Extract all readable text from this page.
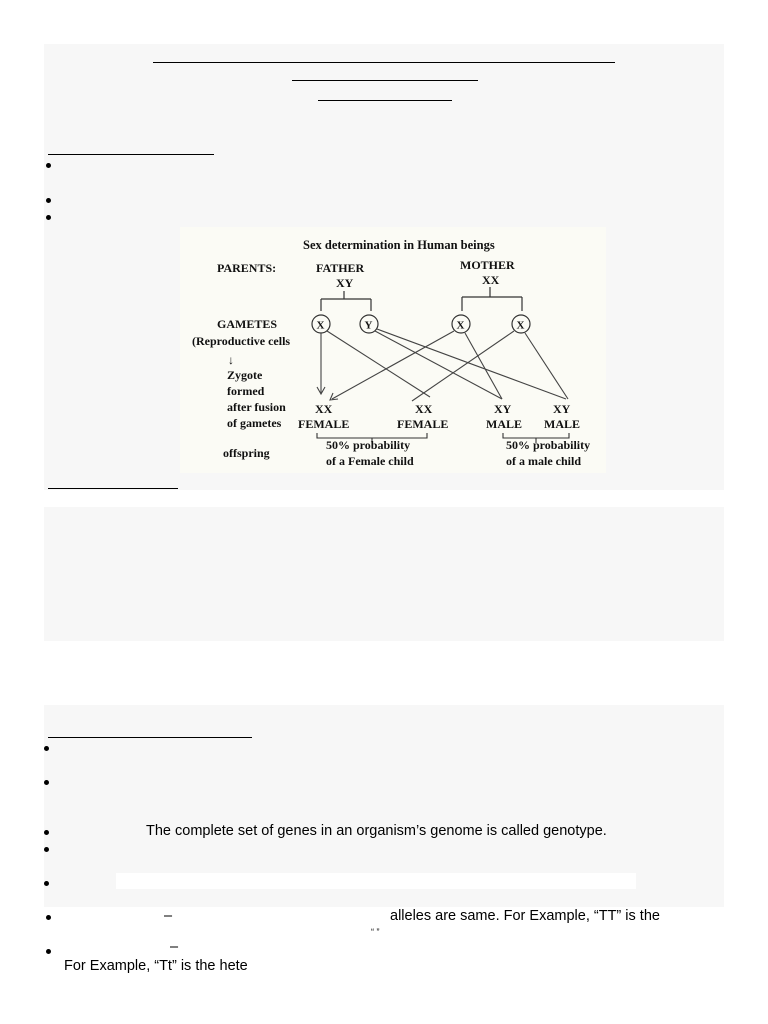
Sex determination in Human beings
PARENTS:	FATHER
XY
MOTHER
XX
GAMETES
(Reproductive cells
X	Y	X	X
Zygote
formed
after fusion
of gametes
↓
offspring
XX
FEMALE
XX
FEMALE
XY
MALE
XY
MALE
50% probability
of a Female child
50% probability
of a male child
The complete set of genes in an organism’s genome is called genotype.
–	alleles are same. For Example, “TT” is the
“ ”
–
For Example, “Tt” is the hete
